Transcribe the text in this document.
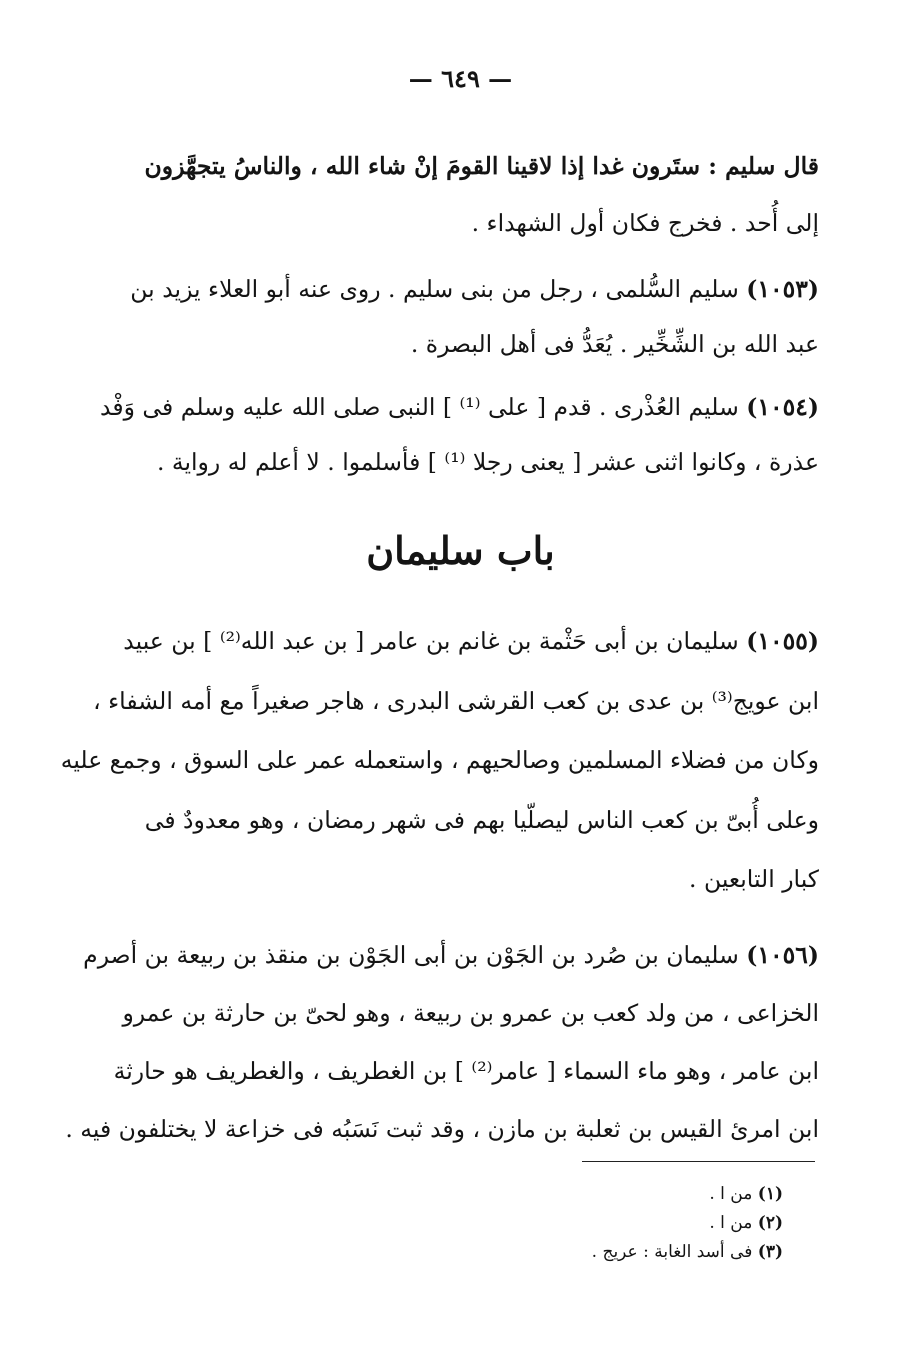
— ٦٤٩ —
قال سليم : ستَرون غدا إذا لاقينا القومَ إنْ شاء الله ، والناسُ يتجهَّزون
إلى أُحد . فخرج فكان أول الشهداء .
(١٠٥٣) سليم السُّلمى ، رجل من بنى سليم . روى عنه أبو العلاء يزيد بن
عبد الله بن الشِّخِّير . يُعَدُّ فى أهل البصرة .
(١٠٥٤) سليم العُذْرى . قدم [ على ⁽¹⁾ ] النبى صلى الله عليه وسلم فى وَفْد
عذرة ، وكانوا اثنى عشر [ يعنى رجلا ⁽¹⁾ ] فأسلموا . لا أعلم له رواية .
باب سليمان
(١٠٥٥) سليمان بن أبى حَثْمة بن غانم بن عامر [ بن عبد الله⁽²⁾ ] بن عبيد
ابن عويج⁽³⁾ بن عدى بن كعب القرشى البدرى ، هاجر صغيراً مع أمه الشفاء ،
وكان من فضلاء المسلمين وصالحيهم ، واستعمله عمر على السوق ، وجمع عليه
وعلى أُبىّ بن كعب الناس ليصلّيا بهم فى شهر رمضان ، وهو معدودٌ فى
كبار التابعين .
(١٠٥٦) سليمان بن صُرد بن الجَوْن بن أبى الجَوْن بن منقذ بن ربيعة بن أصرم
الخزاعى ، من ولد كعب بن عمرو بن ربيعة ، وهو لحىّ بن حارثة بن عمرو
ابن عامر ، وهو ماء السماء [ عامر⁽²⁾ ] بن الغطريف ، والغطريف هو حارثة
ابن امرئ القيس بن ثعلبة بن مازن ، وقد ثبت نَسَبُه فى خزاعة لا يختلفون فيه .
(١) من ا .
(٢) من ا .
(٣) فى أسد الغابة : عريج .
